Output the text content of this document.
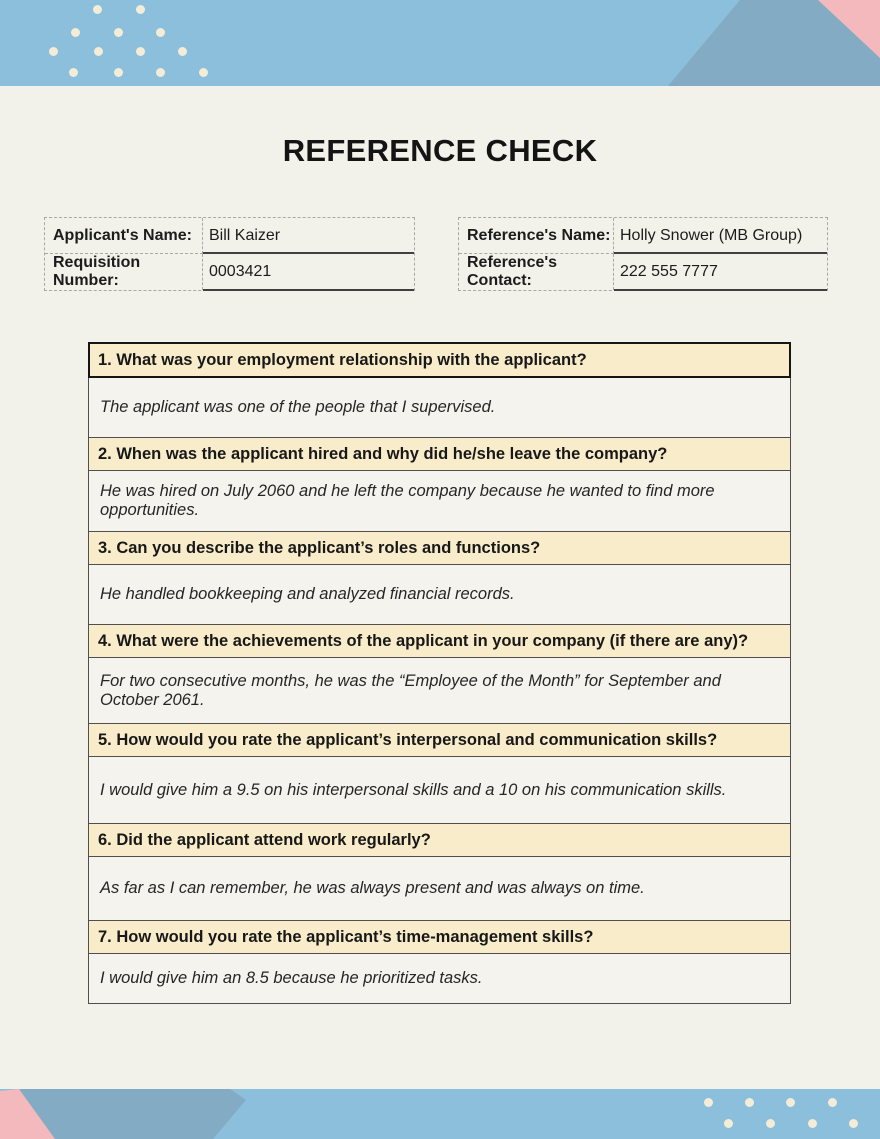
REFERENCE CHECK
Applicant's Name:	Bill Kaizer
Requisition Number:
0003421
Reference's Name: Holly Snower (MB Group)
Reference's Contact:
222 555 7777
1. What was your employment relationship with the applicant?
The applicant was one of the people that I supervised.
2. When was the applicant hired and why did he/she leave the company?
He was hired on July 2060 and he left the company because he wanted to find more opportunities.
3. Can you describe the applicant’s roles and functions?
He handled bookkeeping and analyzed financial records.
4. What were the achievements of the applicant in your company (if there are any)?
For two consecutive months, he was the “Employee of the Month” for September and October 2061.
5. How would you rate the applicant’s interpersonal and communication skills?
I would give him a 9.5 on his interpersonal skills and a 10 on his communication skills.
6. Did the applicant attend work regularly?
As far as I can remember, he was always present and was always on time.
7. How would you rate the applicant’s time-management skills?
I would give him an 8.5 because he prioritized tasks.
